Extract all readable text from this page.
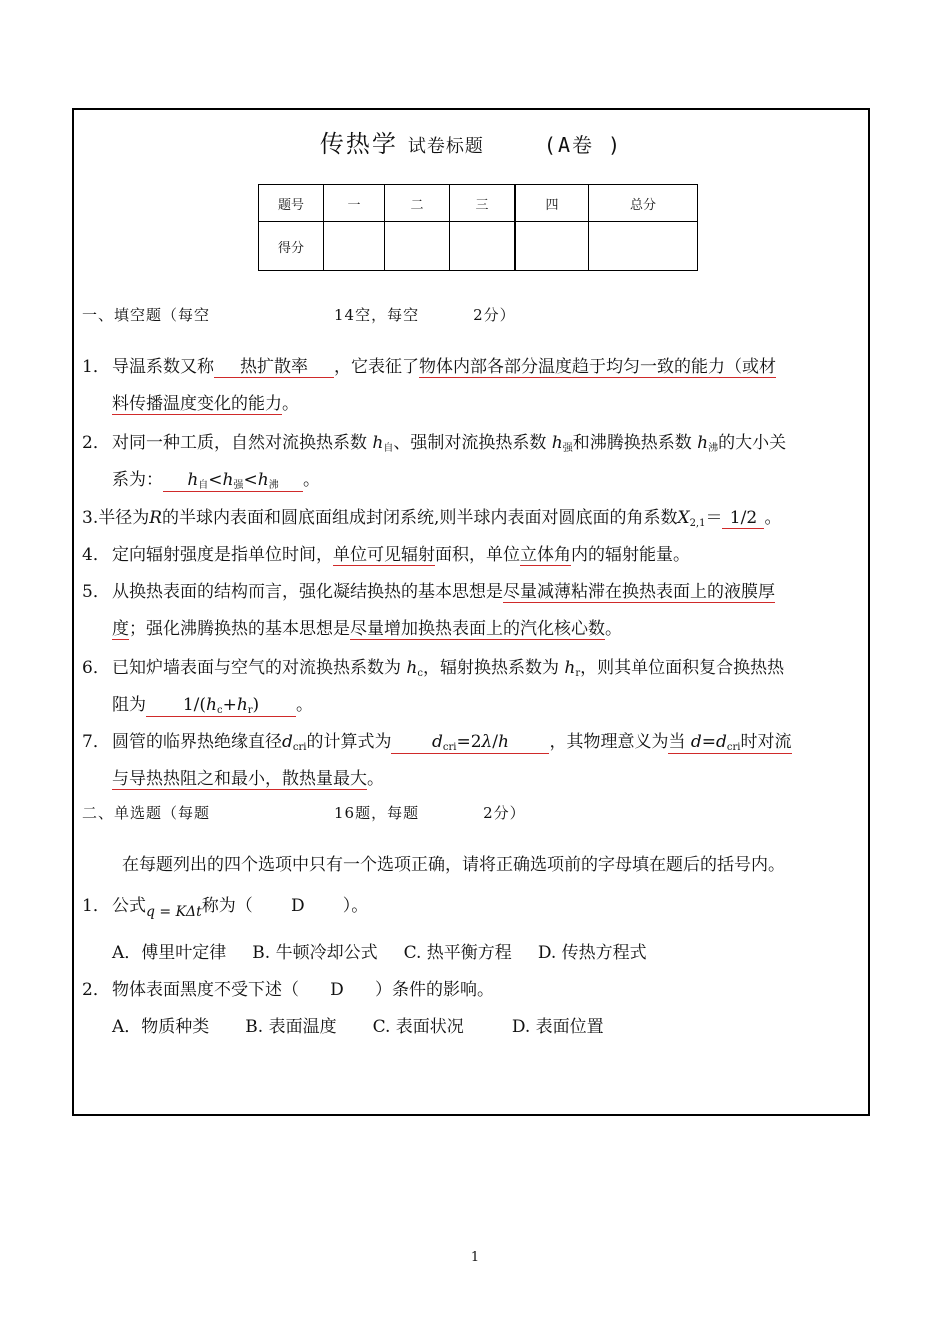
传热学 试卷标题	(A卷 )
题号	一	二	三	四	总分
得分					
一、填空题（每空	14空，每空	2分）
1． 导温系数又称 热扩散率 ，它表征了物体内部各部分温度趋于均匀一致的能力（或材
料传播温度变化的能力。
2． 对同一种工质，自然对流换热系数 $h_自$、强制对流换热系数 $h_强$和沸腾换热系数 $h_沸$的大小关
系为： $h_自<h_强<h_沸$ 。
3.半径为R的半球内表面和圆底面组成封闭系统,则半球内表面对圆底面的角系数$X_{2,1}= 1/2$ 。
4． 定向辐射强度是指单位时间，单位可见辐射面积，单位立体角内的辐射能量。
5． 从换热表面的结构而言，强化凝结换热的基本思想是尽量减薄粘滞在换热表面上的液膜厚
度；强化沸腾换热的基本思想是尽量增加换热表面上的汽化核心数。
6． 已知炉墙表面与空气的对流换热系数为 $h_c$，辐射换热系数为 $h_r$，则其单位面积复合换热热
阻为 $1/(h_c+h_r)$ 。
7． 圆管的临界热绝缘直径$d_{cri}$的计算式为 $d_{cri}=2\lambda/h$ ，其物理意义为当 $d=d_{cri}$时对流
与导热热阻之和最小，散热量最大。
二、单选题（每题	16题，每题	2分）
在每题列出的四个选项中只有一个选项正确，请将正确选项前的字母填在题后的括号内。
1． 公式$_{q = K\Delta t}$称为（ D ）。
A．傅里叶定律 B. 牛顿冷却公式 C. 热平衡方程 D. 传热方程式
2． 物体表面黑度不受下述（ D ）条件的影响。
A．物质种类 B. 表面温度 C. 表面状况	D. 表面位置
1
